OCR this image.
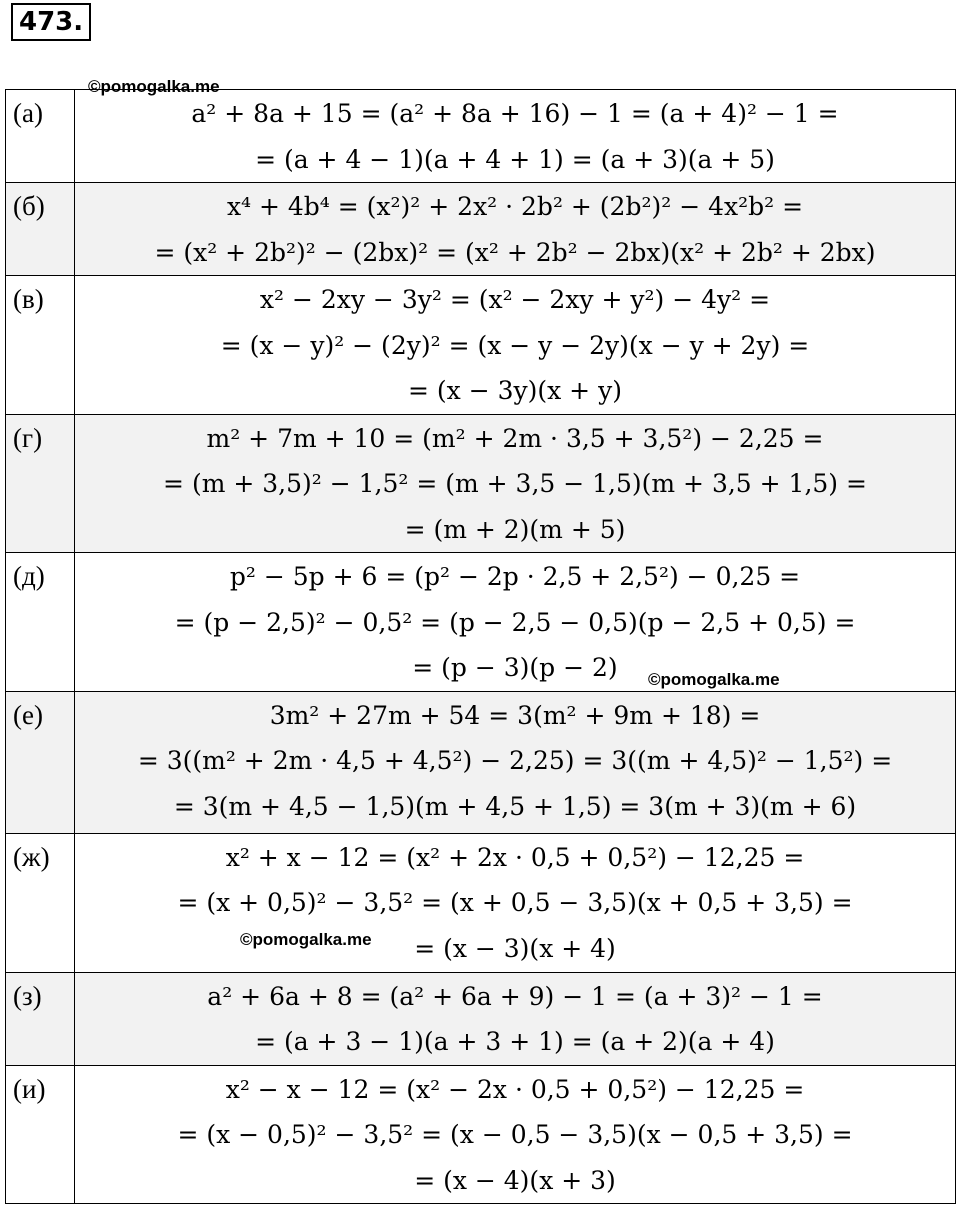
473.
©pomogalka.me
©pomogalka.me
©pomogalka.me
(а)	a² + 8a + 15 = (a² + 8a + 16) − 1 = (a + 4)² − 1 =
= (a + 4 − 1)(a + 4 + 1) = (a + 3)(a + 5)

(б)	x⁴ + 4b⁴ = (x²)² + 2x² · 2b² + (2b²)² − 4x²b² =
= (x² + 2b²)² − (2bx)² = (x² + 2b² − 2bx)(x² + 2b² + 2bx)

(в)	x² − 2xy − 3y² = (x² − 2xy + y²) − 4y² =
= (x − y)² − (2y)² = (x − y − 2y)(x − y + 2y) =
= (x − 3y)(x + y)

(г)	m² + 7m + 10 = (m² + 2m · 3,5 + 3,5²) − 2,25 =
= (m + 3,5)² − 1,5² = (m + 3,5 − 1,5)(m + 3,5 + 1,5) =
= (m + 2)(m + 5)

(д)	p² − 5p + 6 = (p² − 2p · 2,5 + 2,5²) − 0,25 =
= (p − 2,5)² − 0,5² = (p − 2,5 − 0,5)(p − 2,5 + 0,5) =
= (p − 3)(p − 2)

(е)	3m² + 27m + 54 = 3(m² + 9m + 18) =
= 3((m² + 2m · 4,5 + 4,5²) − 2,25) = 3((m + 4,5)² − 1,5²) =
= 3(m + 4,5 − 1,5)(m + 4,5 + 1,5) = 3(m + 3)(m + 6)

(ж)	x² + x − 12 = (x² + 2x · 0,5 + 0,5²) − 12,25 =
= (x + 0,5)² − 3,5² = (x + 0,5 − 3,5)(x + 0,5 + 3,5) =
= (x − 3)(x + 4)

(з)	a² + 6a + 8 = (a² + 6a + 9) − 1 = (a + 3)² − 1 =
= (a + 3 − 1)(a + 3 + 1) = (a + 2)(a + 4)

(и)	x² − x − 12 = (x² − 2x · 0,5 + 0,5²) − 12,25 =
= (x − 0,5)² − 3,5² = (x − 0,5 − 3,5)(x − 0,5 + 3,5) =
= (x − 4)(x + 3)
